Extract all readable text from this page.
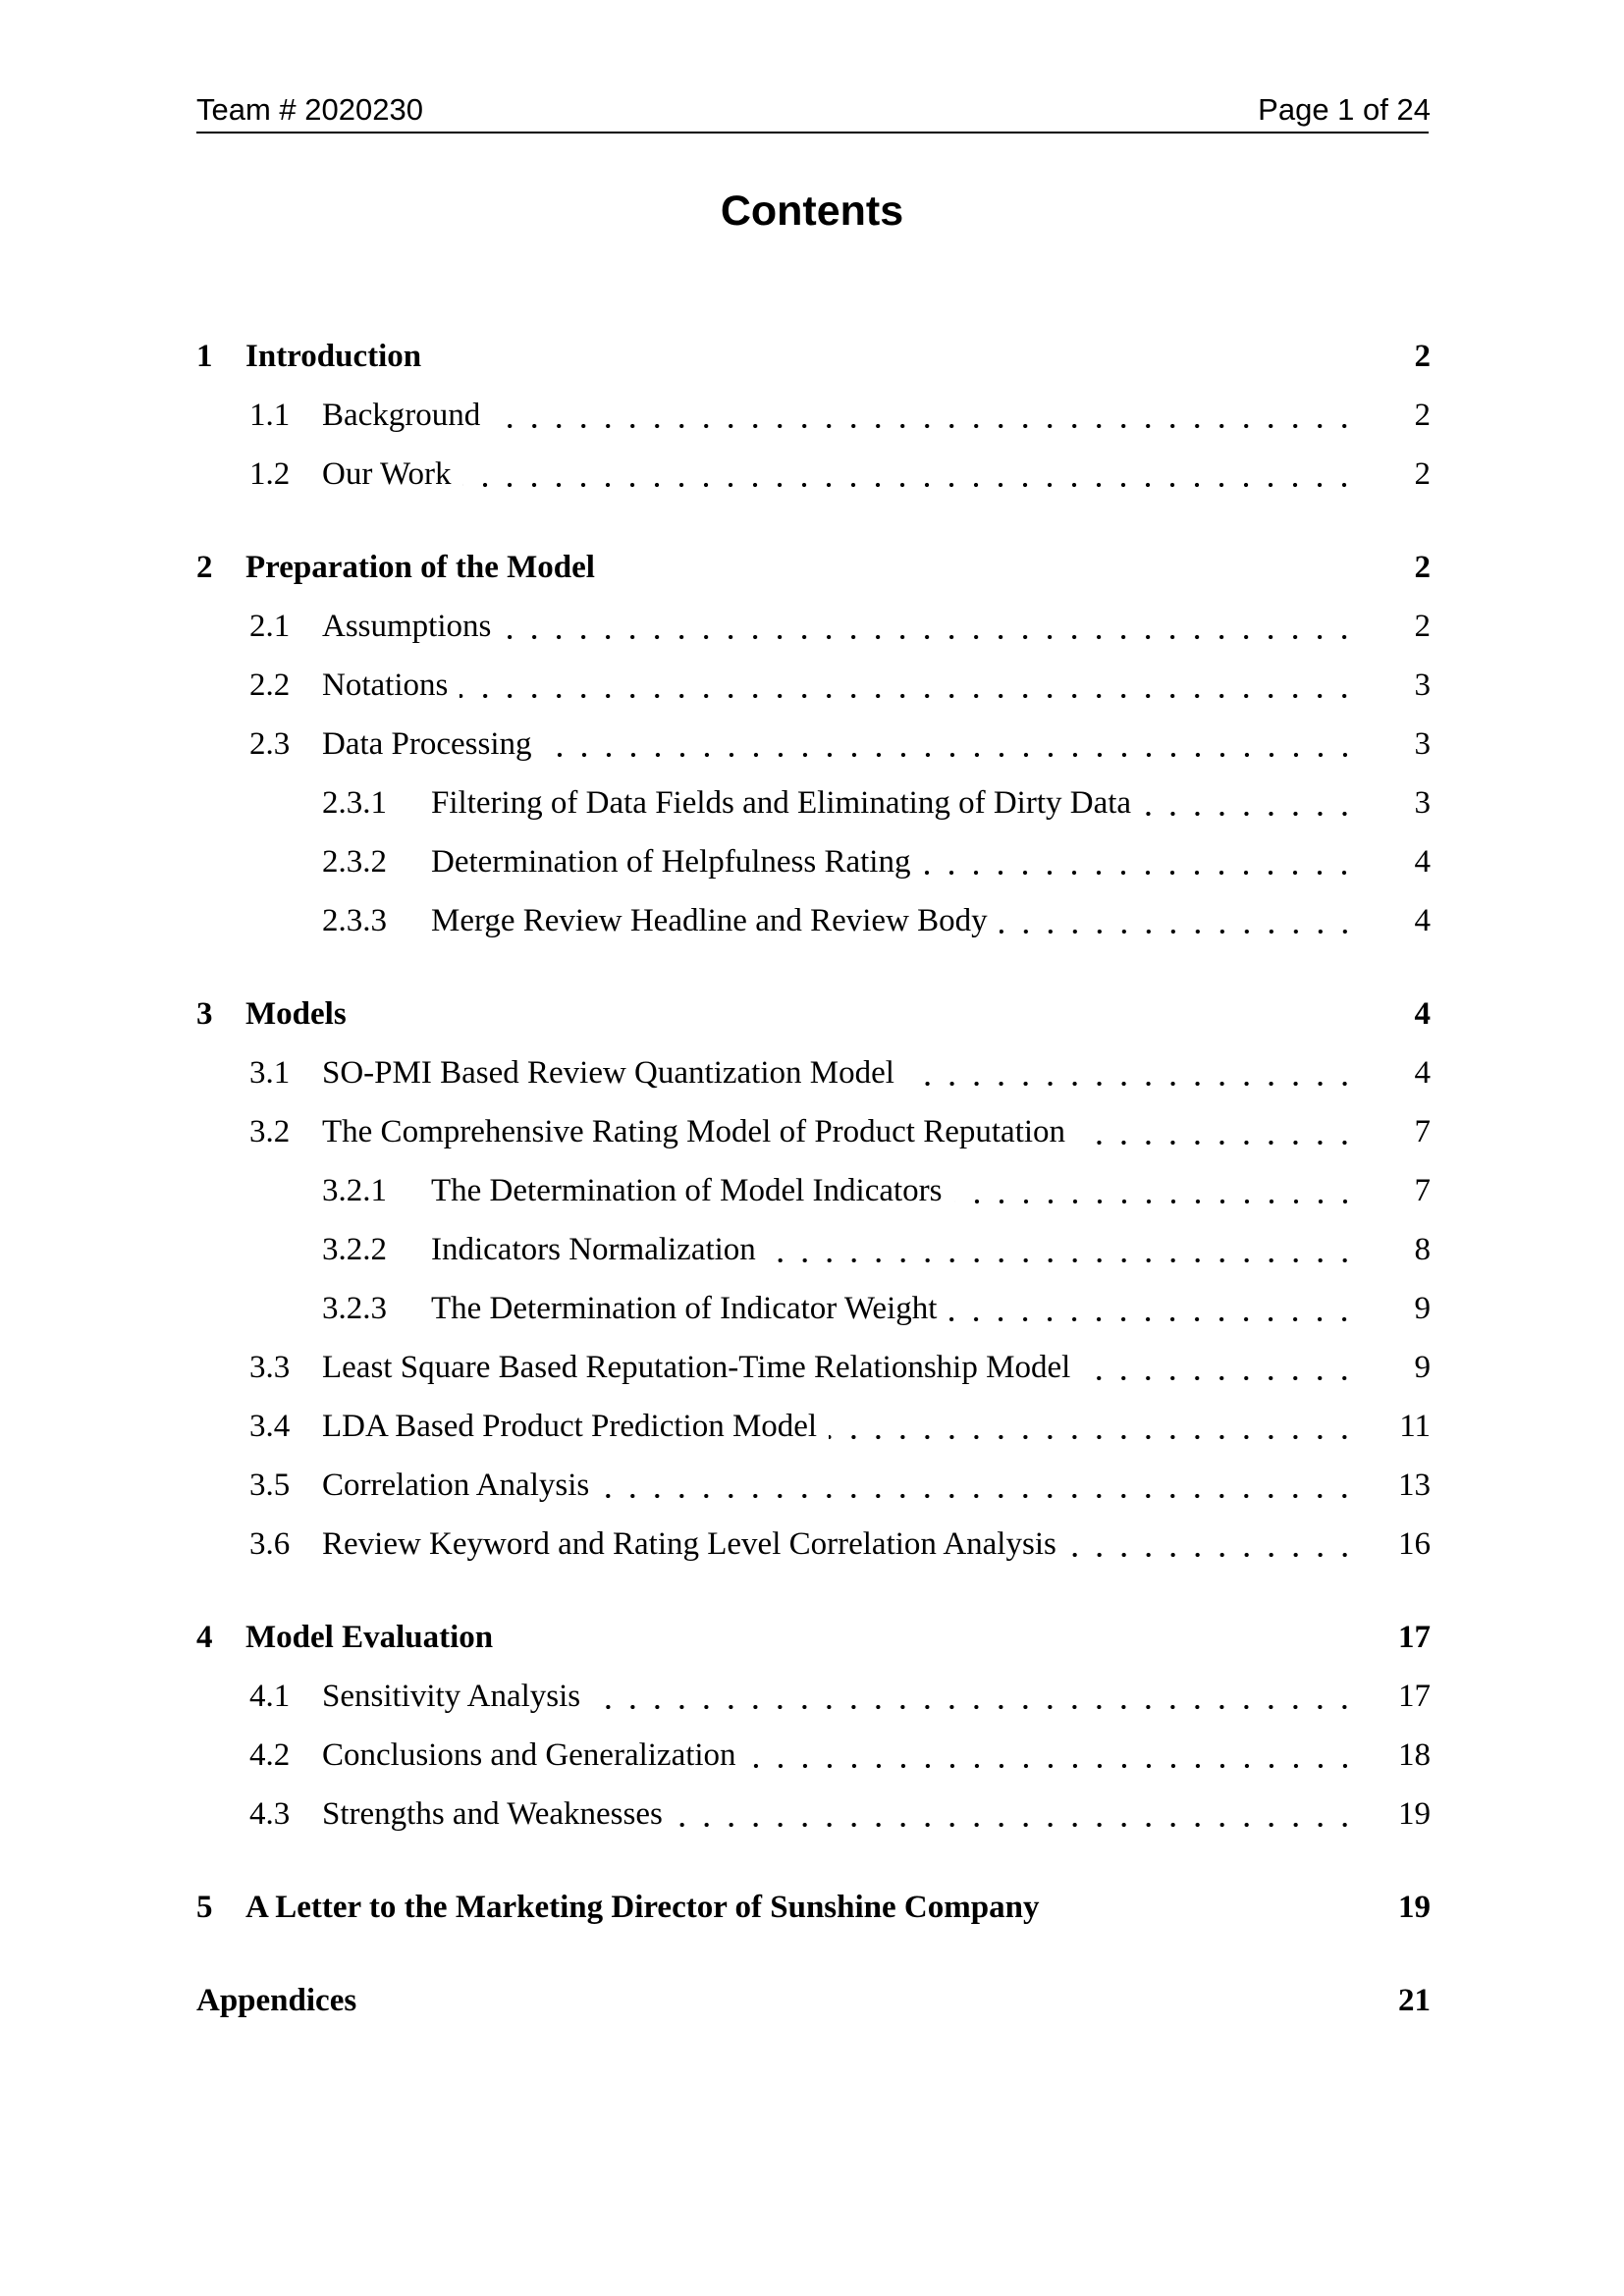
Team # 2020230	Page 1 of 24
Contents
1	Introduction	2
1.1 Background	2
1.2 Our Work	2
2	Preparation of the Model	2
2.1 Assumptions	2
2.2 Notations	3
2.3 Data Processing	3
2.3.1	Filtering of Data Fields and Eliminating of Dirty Data	3
2.3.2	Determination of Helpfulness Rating	4
2.3.3	Merge Review Headline and Review Body	4
3	Models	4
3.1 SO-PMI Based Review Quantization Model	4
3.2 The Comprehensive Rating Model of Product Reputation	7
3.2.1	The Determination of Model Indicators	7
3.2.2	Indicators Normalization	8
3.2.3	The Determination of Indicator Weight	9
3.3 Least Square Based Reputation-Time Relationship Model	9
3.4 LDA Based Product Prediction Model	11
3.5 Correlation Analysis	13
3.6 Review Keyword and Rating Level Correlation Analysis	16
4	Model Evaluation	17
4.1 Sensitivity Analysis	17
4.2 Conclusions and Generalization	18
4.3 Strengths and Weaknesses	19
5	A Letter to the Marketing Director of Sunshine Company	19
Appendices	21
